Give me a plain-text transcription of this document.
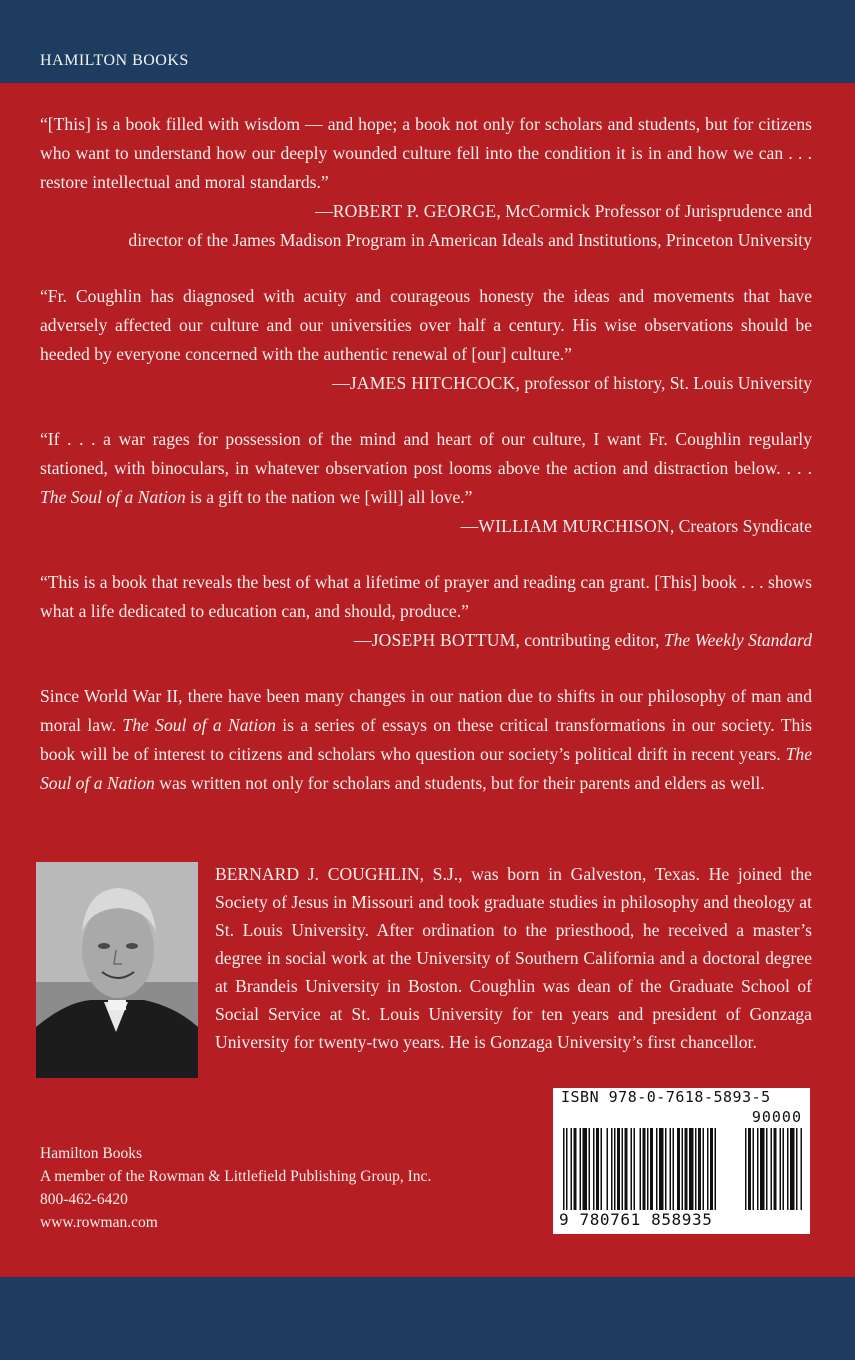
HAMILTON BOOKS

“[This] is a book filled with wisdom — and hope; a book not only for scholars and students, but for citizens who want to understand how our deeply wounded culture fell into the condition it is in and how we can . . . restore intellectual and moral standards.”

—ROBERT P. GEORGE, McCormick Professor of Jurisprudence and
director of the James Madison Program in American Ideals and Institutions, Princeton University

“Fr. Coughlin has diagnosed with acuity and courageous honesty the ideas and movements that have adversely affected our culture and our universities over half a century. His wise observations should be heeded by everyone concerned with the authentic renewal of [our] culture.”

—JAMES HITCHCOCK, professor of history, St. Louis University

“If . . . a war rages for possession of the mind and heart of our culture, I want Fr. Coughlin regularly stationed, with binoculars, in whatever observation post looms above the action and distraction below. . . . The Soul of a Nation is a gift to the nation we [will] all love.”

—WILLIAM MURCHISON, Creators Syndicate

“This is a book that reveals the best of what a lifetime of prayer and reading can grant. [This] book . . . shows what a life dedicated to education can, and should, produce.”

—JOSEPH BOTTUM, contributing editor, The Weekly Standard

Since World War II, there have been many changes in our nation due to shifts in our philosophy of man and moral law. The Soul of a Nation is a series of essays on these critical transformations in our society. This book will be of interest to citizens and scholars who question our society’s political drift in recent years. The Soul of a Nation was written not only for scholars and students, but for their parents and elders as well.

BERNARD J. COUGHLIN, S.J., was born in Galveston, Texas. He joined the Society of Jesus in Missouri and took graduate studies in philosophy and theology at St. Louis University. After ordination to the priesthood, he received a master’s degree in social work at the University of Southern California and a doctoral degree at Brandeis University in Boston. Coughlin was dean of the Graduate School of Social Service at St. Louis University for ten years and president of Gonzaga University for twenty-two years. He is Gonzaga University’s first chancellor.
Hamilton Books
A member of the Rowman & Littlefield Publishing Group, Inc.
800-462-6420
www.rowman.com
ISBN 978-0-7618-5893-5
90000
9 780761 858935
